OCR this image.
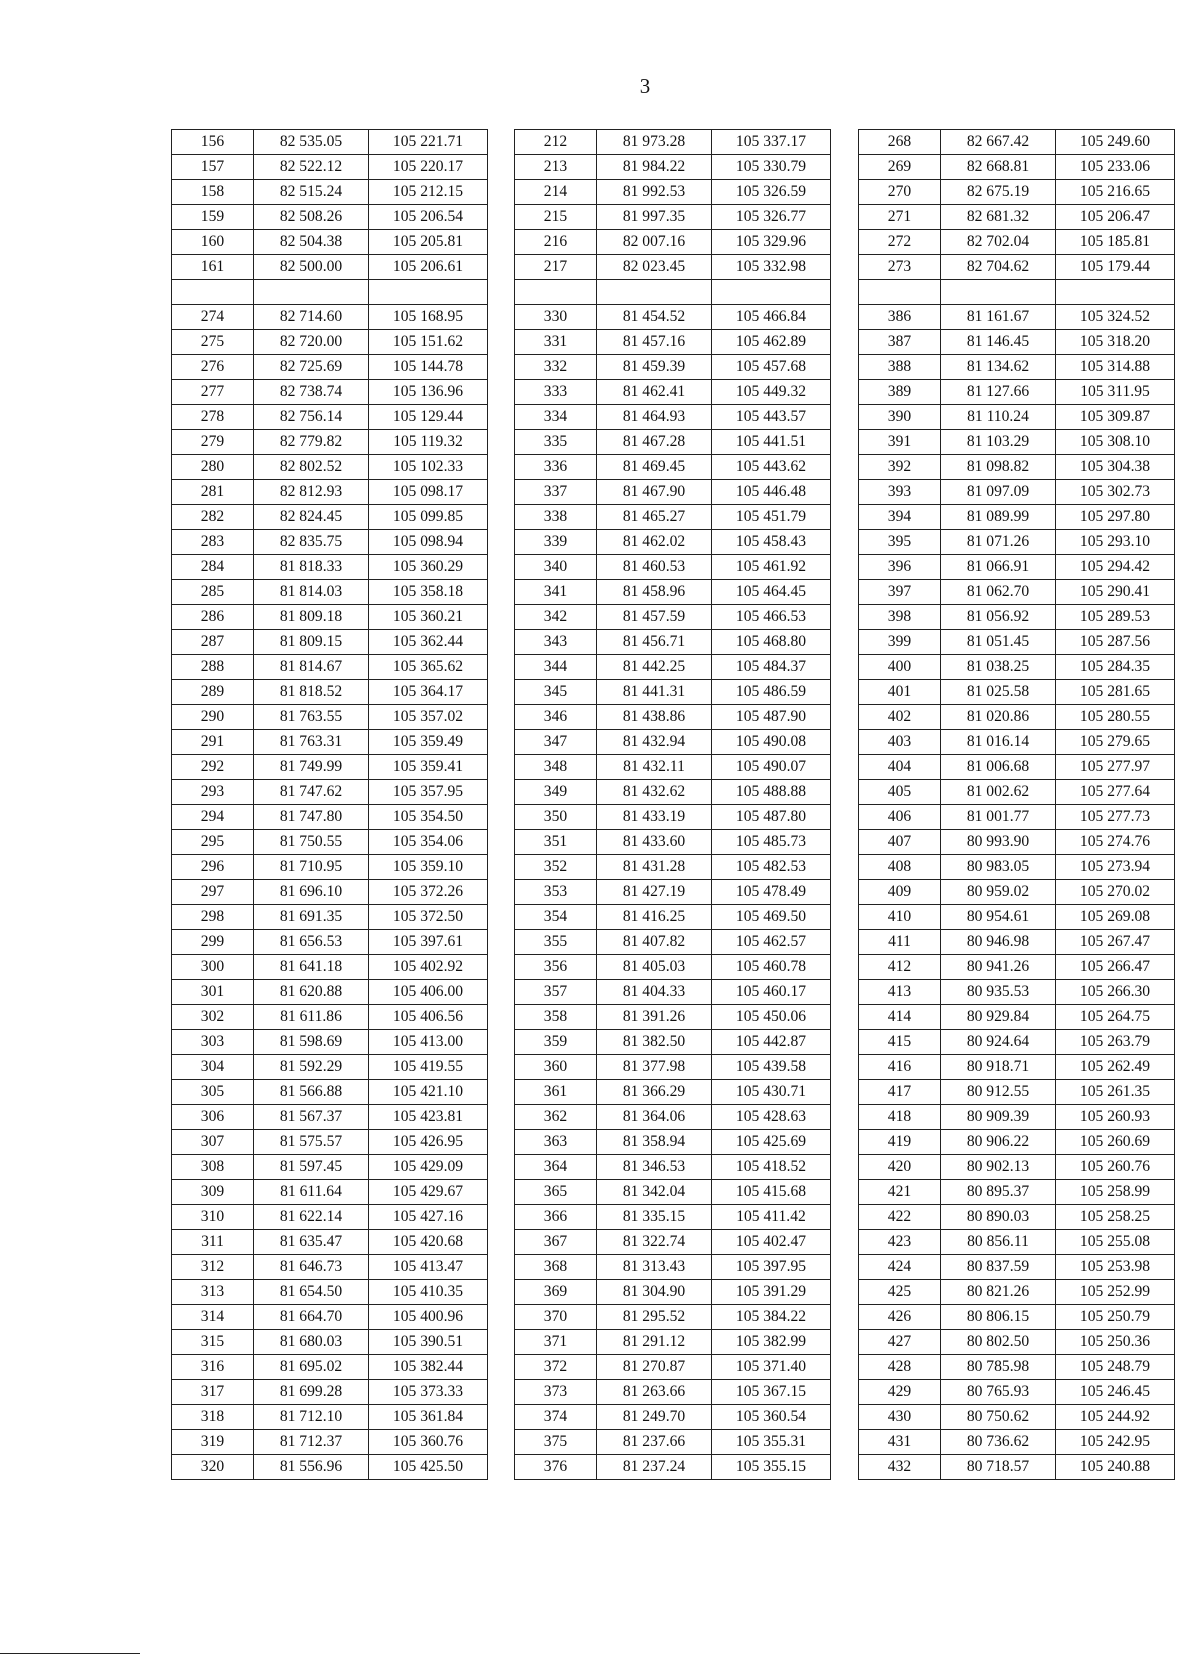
3
156	82 535.05	105 221.71
157	82 522.12	105 220.17
158	82 515.24	105 212.15
159	82 508.26	105 206.54
160	82 504.38	105 205.81
161	82 500.00	105 206.61

274	82 714.60	105 168.95
275	82 720.00	105 151.62
276	82 725.69	105 144.78
277	82 738.74	105 136.96
278	82 756.14	105 129.44
279	82 779.82	105 119.32
280	82 802.52	105 102.33
281	82 812.93	105 098.17
282	82 824.45	105 099.85
283	82 835.75	105 098.94
284	81 818.33	105 360.29
285	81 814.03	105 358.18
286	81 809.18	105 360.21
287	81 809.15	105 362.44
288	81 814.67	105 365.62
289	81 818.52	105 364.17
290	81 763.55	105 357.02
291	81 763.31	105 359.49
292	81 749.99	105 359.41
293	81 747.62	105 357.95
294	81 747.80	105 354.50
295	81 750.55	105 354.06
296	81 710.95	105 359.10
297	81 696.10	105 372.26
298	81 691.35	105 372.50
299	81 656.53	105 397.61
300	81 641.18	105 402.92
301	81 620.88	105 406.00
302	81 611.86	105 406.56
303	81 598.69	105 413.00
304	81 592.29	105 419.55
305	81 566.88	105 421.10
306	81 567.37	105 423.81
307	81 575.57	105 426.95
308	81 597.45	105 429.09
309	81 611.64	105 429.67
310	81 622.14	105 427.16
311	81 635.47	105 420.68
312	81 646.73	105 413.47
313	81 654.50	105 410.35
314	81 664.70	105 400.96
315	81 680.03	105 390.51
316	81 695.02	105 382.44
317	81 699.28	105 373.33
318	81 712.10	105 361.84
319	81 712.37	105 360.76
320	81 556.96	105 425.50
212	81 973.28	105 337.17
213	81 984.22	105 330.79
214	81 992.53	105 326.59
215	81 997.35	105 326.77
216	82 007.16	105 329.96
217	82 023.45	105 332.98

330	81 454.52	105 466.84
331	81 457.16	105 462.89
332	81 459.39	105 457.68
333	81 462.41	105 449.32
334	81 464.93	105 443.57
335	81 467.28	105 441.51
336	81 469.45	105 443.62
337	81 467.90	105 446.48
338	81 465.27	105 451.79
339	81 462.02	105 458.43
340	81 460.53	105 461.92
341	81 458.96	105 464.45
342	81 457.59	105 466.53
343	81 456.71	105 468.80
344	81 442.25	105 484.37
345	81 441.31	105 486.59
346	81 438.86	105 487.90
347	81 432.94	105 490.08
348	81 432.11	105 490.07
349	81 432.62	105 488.88
350	81 433.19	105 487.80
351	81 433.60	105 485.73
352	81 431.28	105 482.53
353	81 427.19	105 478.49
354	81 416.25	105 469.50
355	81 407.82	105 462.57
356	81 405.03	105 460.78
357	81 404.33	105 460.17
358	81 391.26	105 450.06
359	81 382.50	105 442.87
360	81 377.98	105 439.58
361	81 366.29	105 430.71
362	81 364.06	105 428.63
363	81 358.94	105 425.69
364	81 346.53	105 418.52
365	81 342.04	105 415.68
366	81 335.15	105 411.42
367	81 322.74	105 402.47
368	81 313.43	105 397.95
369	81 304.90	105 391.29
370	81 295.52	105 384.22
371	81 291.12	105 382.99
372	81 270.87	105 371.40
373	81 263.66	105 367.15
374	81 249.70	105 360.54
375	81 237.66	105 355.31
376	81 237.24	105 355.15
268	82 667.42	105 249.60
269	82 668.81	105 233.06
270	82 675.19	105 216.65
271	82 681.32	105 206.47
272	82 702.04	105 185.81
273	82 704.62	105 179.44

386	81 161.67	105 324.52
387	81 146.45	105 318.20
388	81 134.62	105 314.88
389	81 127.66	105 311.95
390	81 110.24	105 309.87
391	81 103.29	105 308.10
392	81 098.82	105 304.38
393	81 097.09	105 302.73
394	81 089.99	105 297.80
395	81 071.26	105 293.10
396	81 066.91	105 294.42
397	81 062.70	105 290.41
398	81 056.92	105 289.53
399	81 051.45	105 287.56
400	81 038.25	105 284.35
401	81 025.58	105 281.65
402	81 020.86	105 280.55
403	81 016.14	105 279.65
404	81 006.68	105 277.97
405	81 002.62	105 277.64
406	81 001.77	105 277.73
407	80 993.90	105 274.76
408	80 983.05	105 273.94
409	80 959.02	105 270.02
410	80 954.61	105 269.08
411	80 946.98	105 267.47
412	80 941.26	105 266.47
413	80 935.53	105 266.30
414	80 929.84	105 264.75
415	80 924.64	105 263.79
416	80 918.71	105 262.49
417	80 912.55	105 261.35
418	80 909.39	105 260.93
419	80 906.22	105 260.69
420	80 902.13	105 260.76
421	80 895.37	105 258.99
422	80 890.03	105 258.25
423	80 856.11	105 255.08
424	80 837.59	105 253.98
425	80 821.26	105 252.99
426	80 806.15	105 250.79
427	80 802.50	105 250.36
428	80 785.98	105 248.79
429	80 765.93	105 246.45
430	80 750.62	105 244.92
431	80 736.62	105 242.95
432	80 718.57	105 240.88
